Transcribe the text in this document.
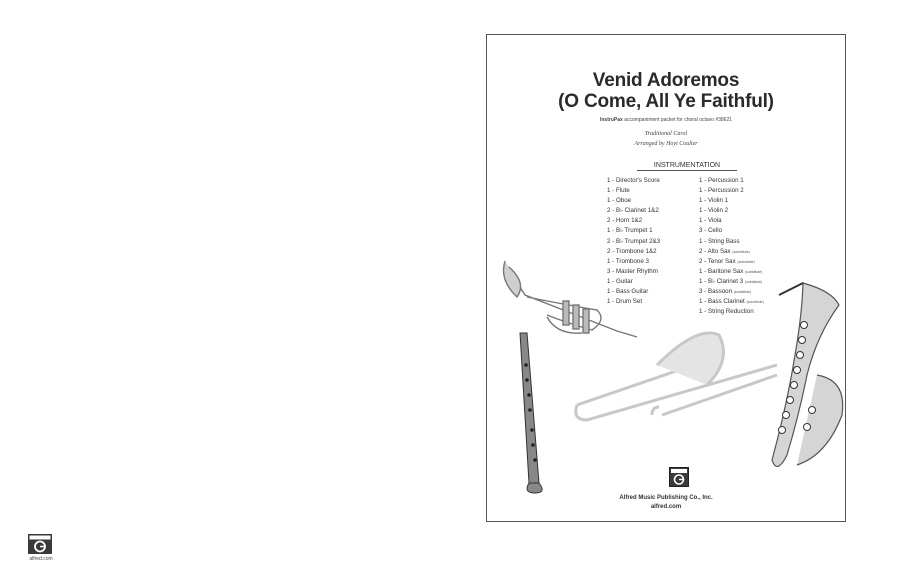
Venid Adoremos
(O Come, All Ye Faithful)
InstruPax accompaniment packet for choral octavo #38621
Traditional Carol
Arranged by Hoyt Coulter
INSTRUMENTATION
1 - Director's Score
1 - Flute
1 - Oboe
2 - B♭ Clarinet 1&2
2 - Horn 1&2
1 - B♭ Trumpet 1
2 - B♭ Trumpet 2&3
2 - Trombone 1&2
1 - Trombone 3
3 - Master Rhythm
1 - Guitar
1 - Bass Guitar
1 - Drum Set
1 - Percussion 1
1 - Percussion 2
1 - Violin 1
1 - Violin 2
1 - Viola
3 - Cello
1 - String Bass
2 - Alto Sax (substitute)
2 - Tenor Sax (substitute)
1 - Baritone Sax (substitute)
1 - B♭ Clarinet 3 (substitute)
3 - Bassoon (substitute)
1 - Bass Clarinet (substitute)
1 - String Reduction
Alfred Music Publishing Co., Inc.
alfred.com
alfred.com
